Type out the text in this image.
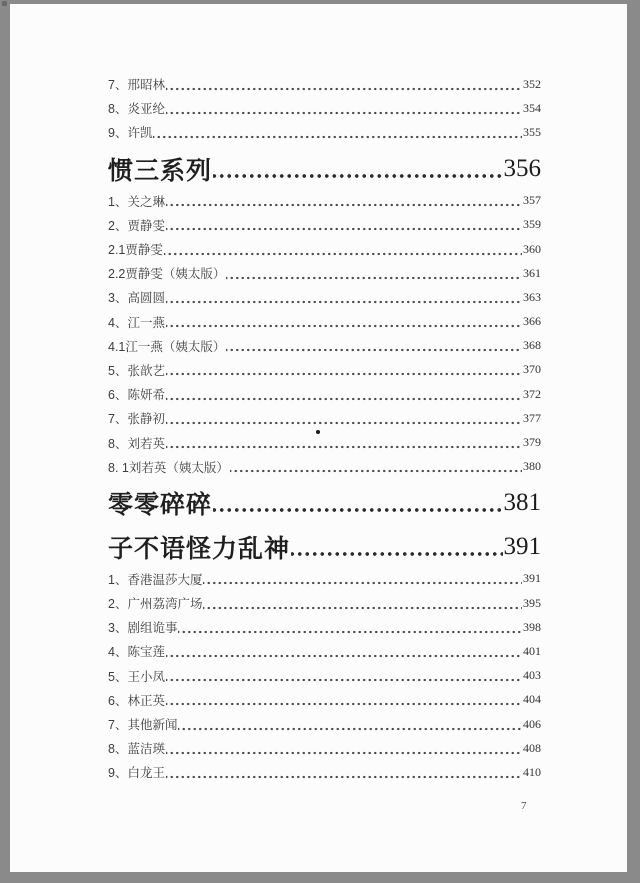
7、邢昭林	352
8、炎亚纶	354
9、许凯	355
惯三系列	356
1、关之琳	357
2、贾静雯	359
2.1贾静雯	360
2.2贾静雯（姨太版）	361
3、高圆圆	363
4、江一燕	366
4.1江一燕（姨太版）	368
5、张歆艺	370
6、陈妍希	372
7、张静初	377
8、刘若英	379
8. 1刘若英（姨太版）	380
零零碎碎	381
子不语怪力乱神	391
1、香港温莎大厦	391
2、广州荔湾广场	395
3、剧组诡事	398
4、陈宝莲	401
5、王小凤	403
6、林正英	404
7、其他新闻	406
8、蓝洁瑛	408
9、白龙王	410
7
